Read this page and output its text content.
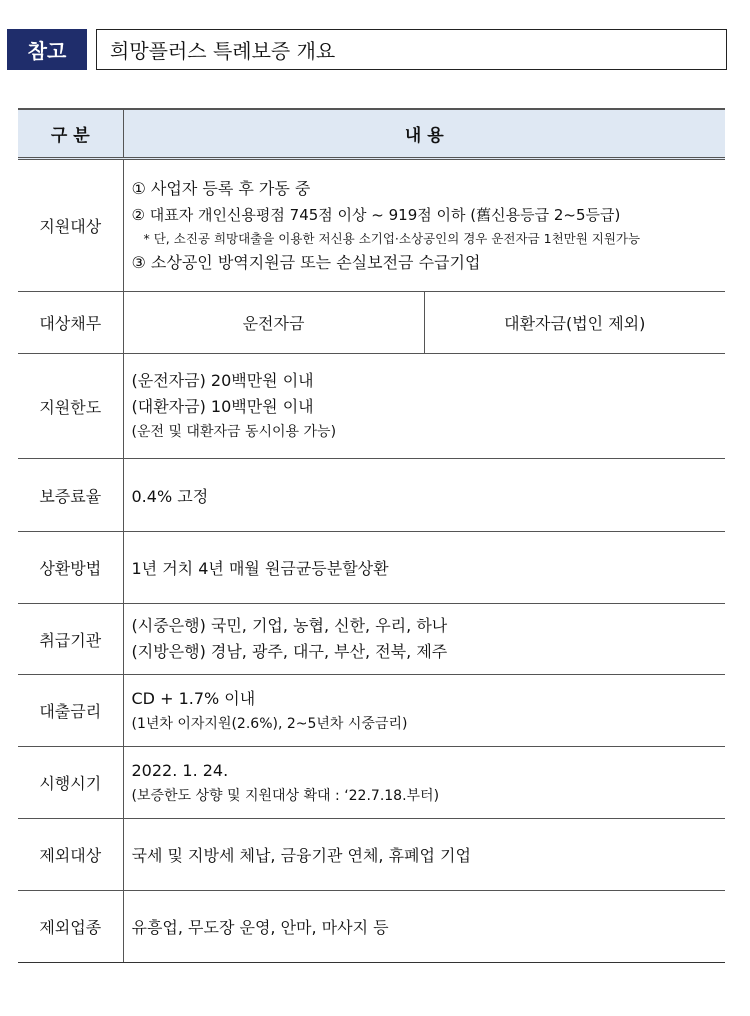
참고	희망플러스 특례보증 개요
구 분	내 용	
지원대상	① 사업자 등록 후 가동 중
② 대표자 개인신용평점 745점 이상 ~ 919점 이하 (舊신용등급 2~5등급)
* 단, 소진공 희망대출을 이용한 저신용 소기업·소상공인의 경우 운전자금 1천만원 지원가능
③ 소상공인 방역지원금 또는 손실보전금 수급기업	

대상채무	운전자금	대환자금(법인 제외)
지원한도	(운전자금) 20백만원 이내
(대환자금) 10백만원 이내
(운전 및 대환자금 동시이용 가능)	

보증료율	0.4% 고정	
상환방법	1년 거치 4년 매월 원금균등분할상환	
취급기관	(시중은행) 국민, 기업, 농협, 신한, 우리, 하나
(지방은행) 경남, 광주, 대구, 부산, 전북, 제주	

대출금리	CD + 1.7% 이내
(1년차 이자지원(2.6%), 2~5년차 시중금리)	

시행시기	2022. 1. 24.
(보증한도 상향 및 지원대상 확대 : ‘22.7.18.부터)	

제외대상	국세 및 지방세 체납, 금융기관 연체, 휴폐업 기업	
제외업종	유흥업, 무도장 운영, 안마, 마사지 등	
